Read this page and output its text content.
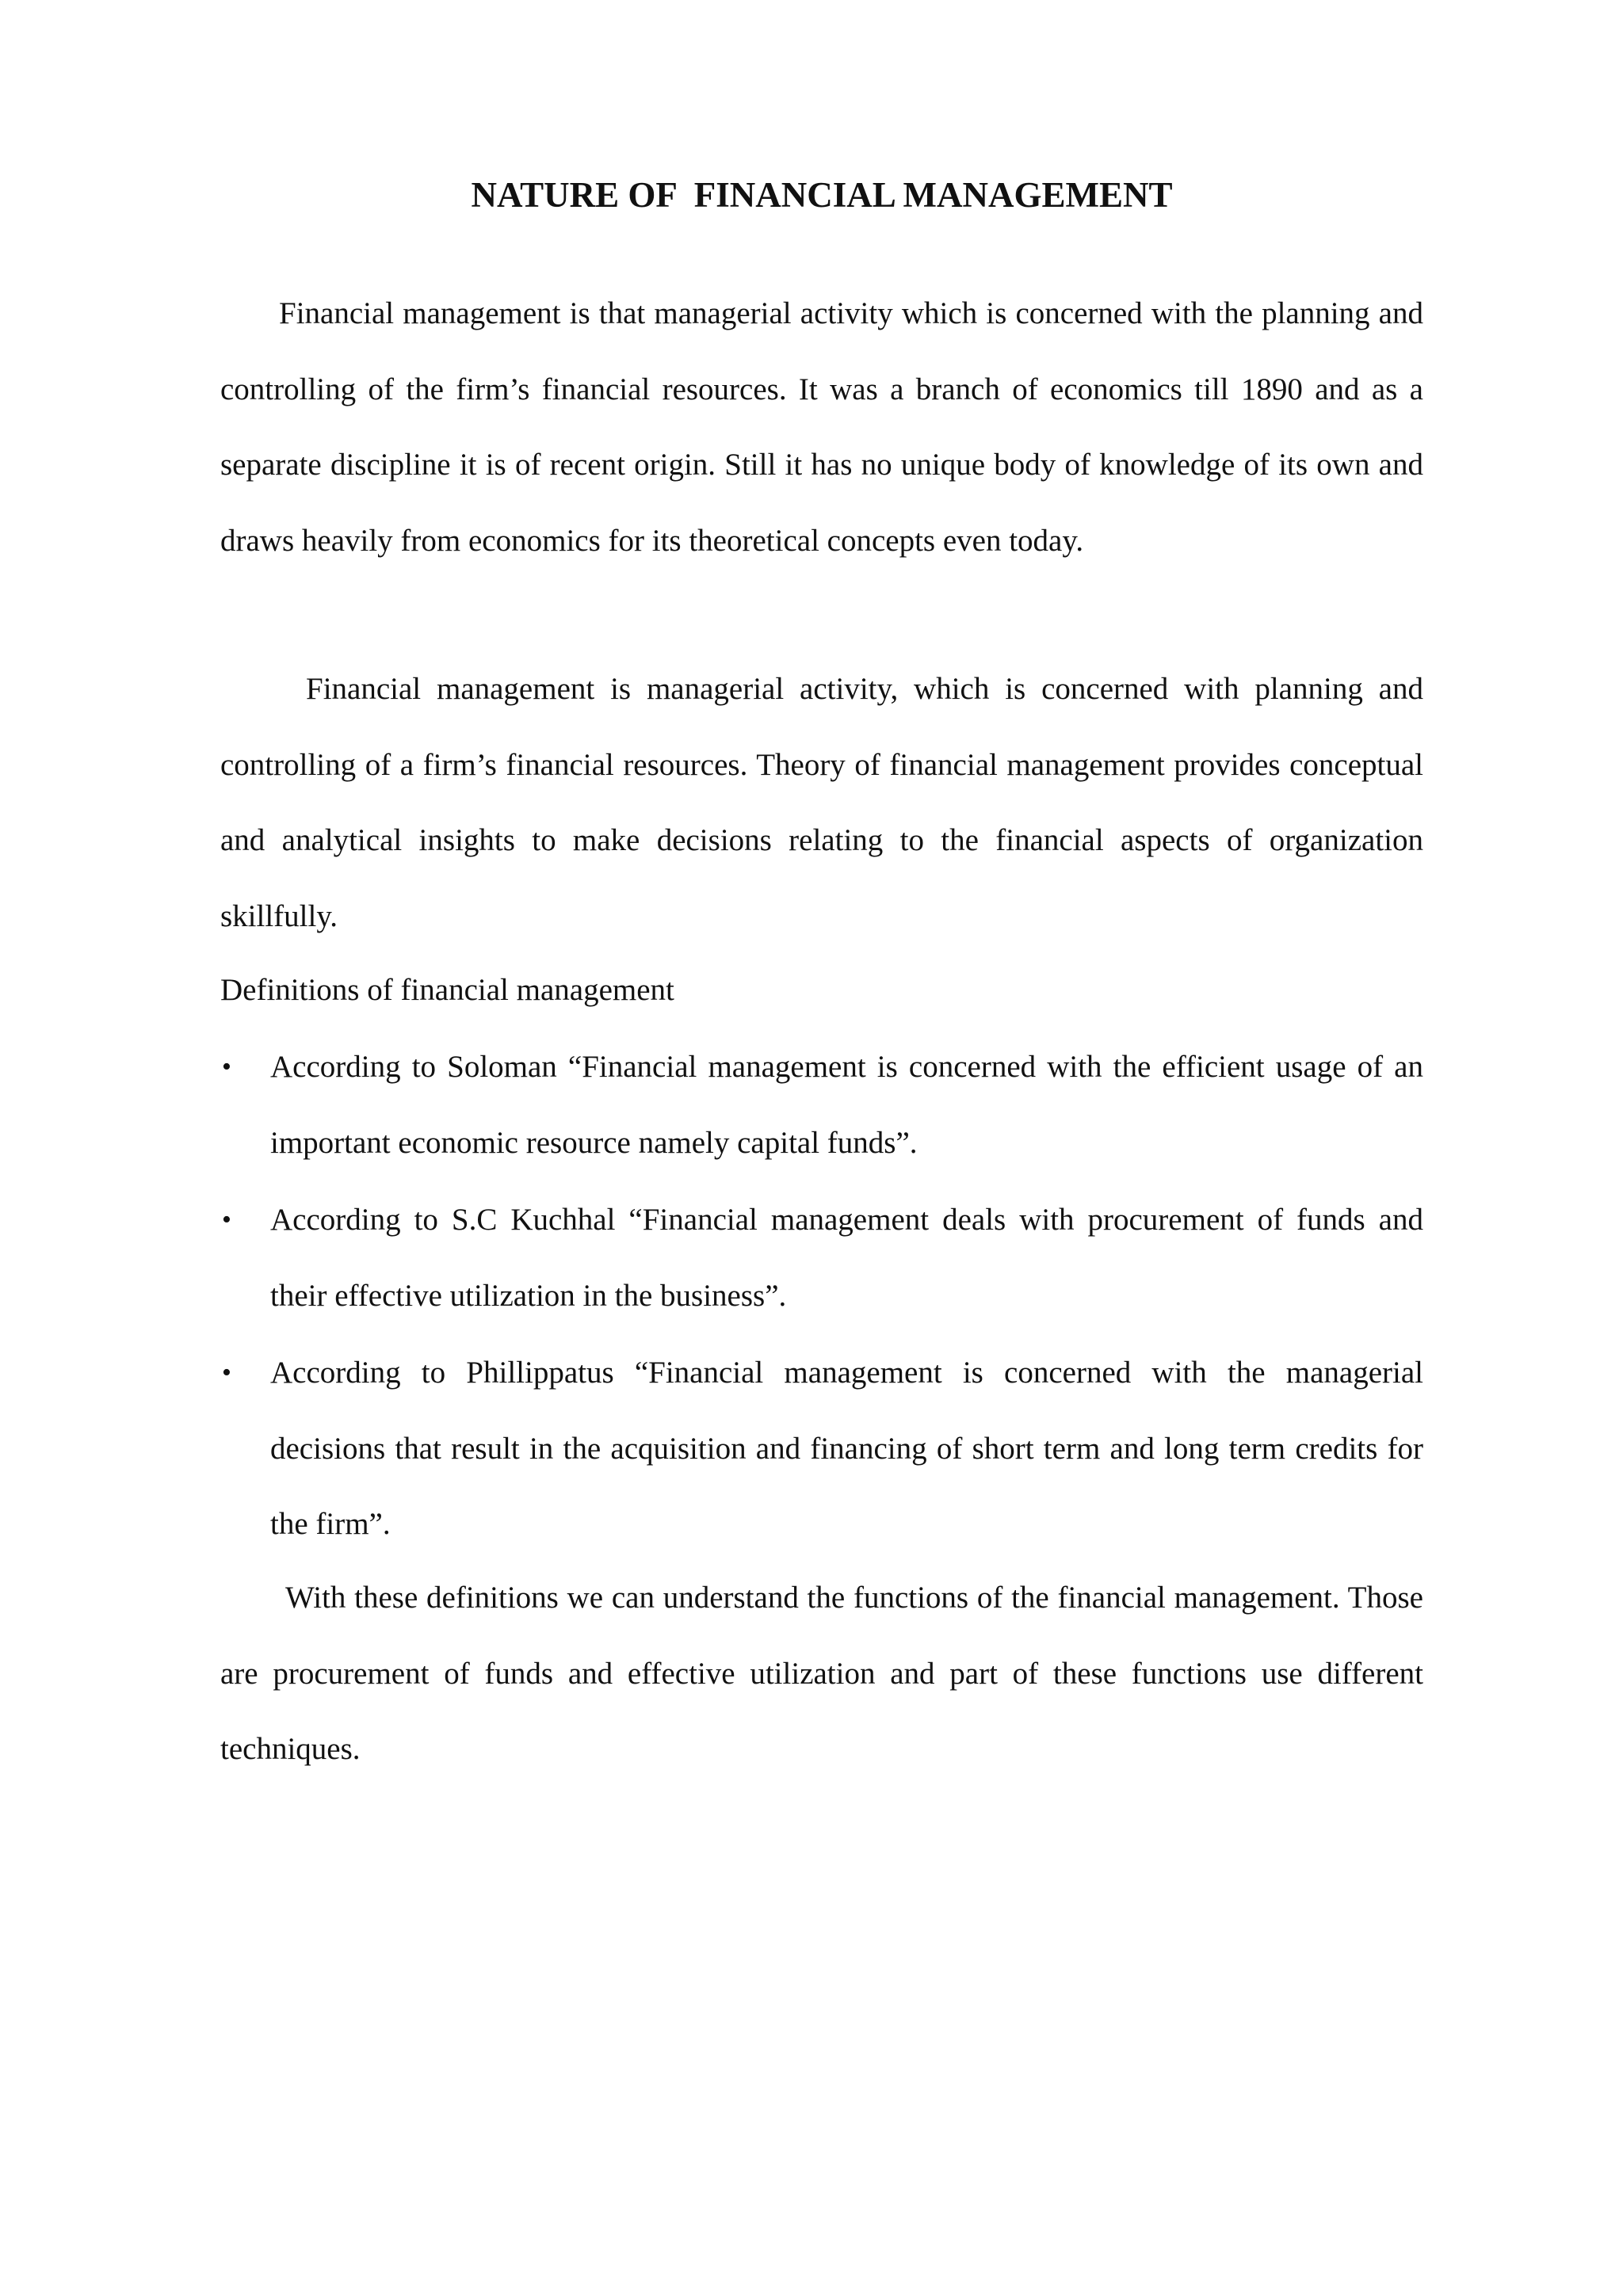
NATURE OF  FINANCIAL MANAGEMENT

Financial management is that managerial activity which is concerned with the planning and controlling of the firm’s financial resources. It was a branch of economics till 1890 and as a separate discipline it is of recent origin. Still it has no unique body of knowledge of its own and draws heavily from economics for its theoretical concepts even today.

Financial management is managerial activity, which is concerned with planning and controlling of a firm’s financial resources. Theory of financial management provides conceptual and analytical insights to make decisions relating to the financial aspects of organization skillfully.

Definitions of financial management
• According to Soloman “Financial management is concerned with the efficient usage of an important economic resource namely capital funds”.
• According to S.C Kuchhal “Financial management deals with procurement of funds and their effective utilization in the business”.
• According to Phillippatus “Financial management is concerned with the managerial decisions that result in the acquisition and financing of short term and long term credits for the firm”.

With these definitions we can understand the functions of the financial management. Those are procurement of funds and effective utilization and part of these functions use different techniques.
